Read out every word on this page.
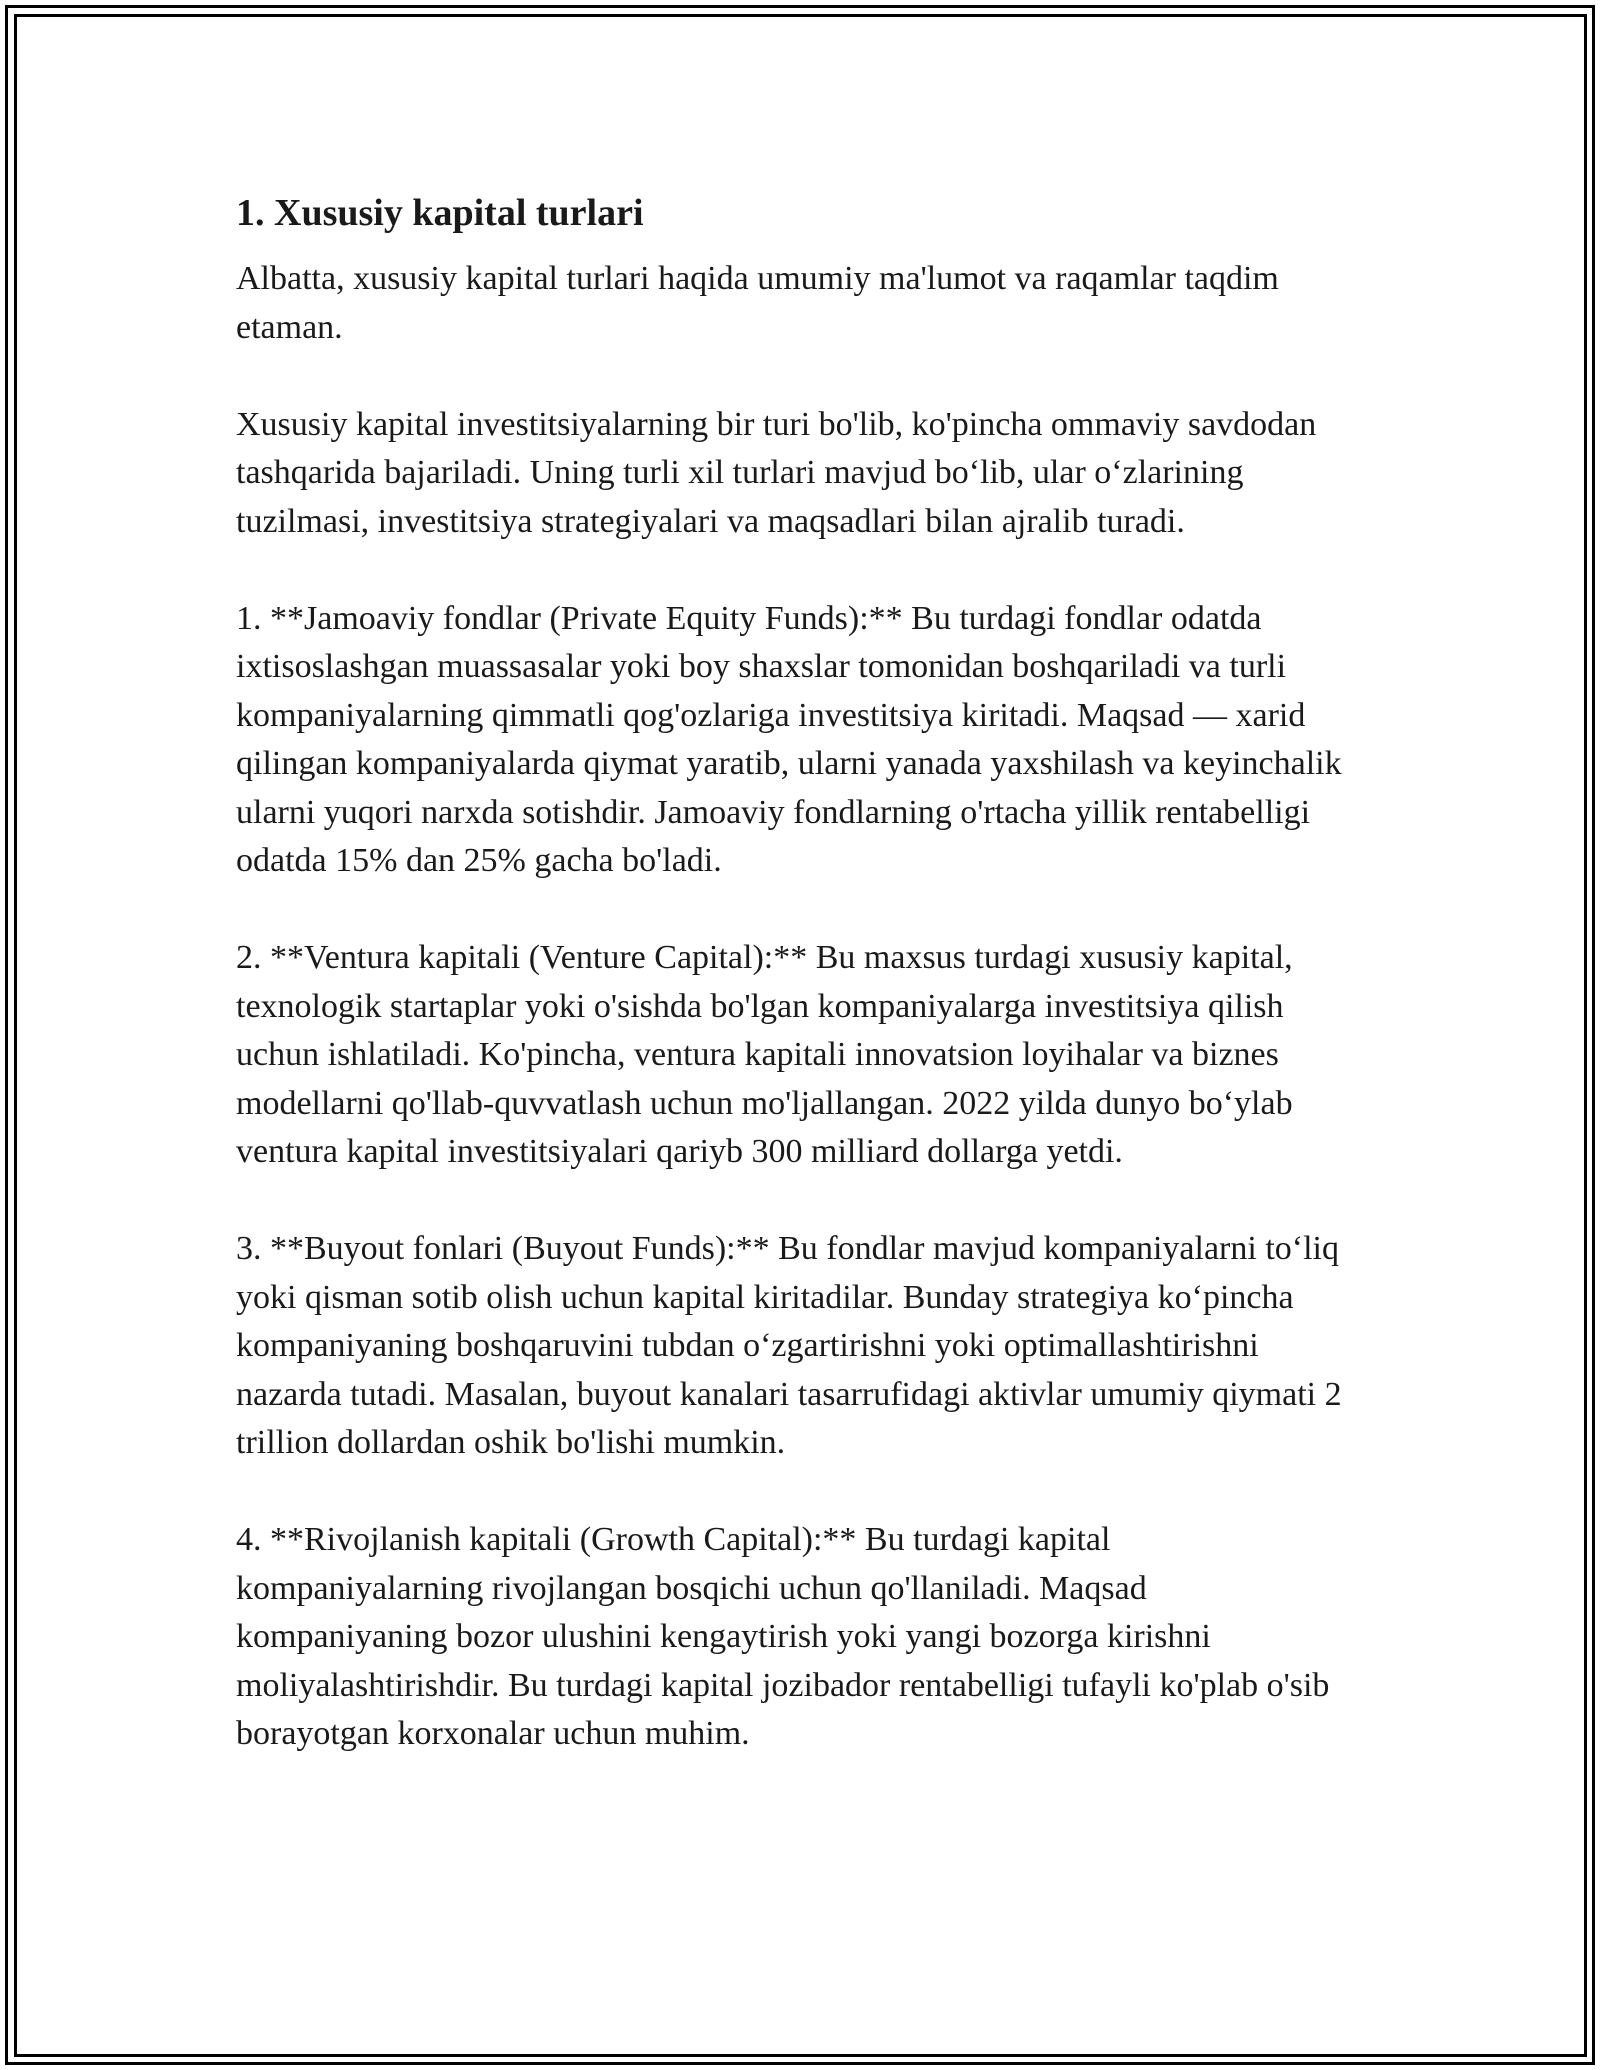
1. Xususiy kapital turlari

Albatta, xususiy kapital turlari haqida umumiy ma'lumot va raqamlar taqdim etaman.

Xususiy kapital investitsiyalarning bir turi bo'lib, ko'pincha ommaviy savdodan tashqarida bajariladi. Uning turli xil turlari mavjud bo‘lib, ular o‘zlarining tuzilmasi, investitsiya strategiyalari va maqsadlari bilan ajralib turadi.

1. **Jamoaviy fondlar (Private Equity Funds):** Bu turdagi fondlar odatda ixtisoslashgan muassasalar yoki boy shaxslar tomonidan boshqariladi va turli kompaniyalarning qimmatli qog'ozlariga investitsiya kiritadi. Maqsad — xarid qilingan kompaniyalarda qiymat yaratib, ularni yanada yaxshilash va keyinchalik ularni yuqori narxda sotishdir. Jamoaviy fondlarning o'rtacha yillik rentabelligi odatda 15% dan 25% gacha bo'ladi.

2. **Ventura kapitali (Venture Capital):** Bu maxsus turdagi xususiy kapital, texnologik startaplar yoki o'sishda bo'lgan kompaniyalarga investitsiya qilish uchun ishlatiladi. Ko'pincha, ventura kapitali innovatsion loyihalar va biznes modellarni qo'llab-quvvatlash uchun mo'ljallangan. 2022 yilda dunyo bo‘ylab ventura kapital investitsiyalari qariyb 300 milliard dollarga yetdi.

3. **Buyout fonlari (Buyout Funds):** Bu fondlar mavjud kompaniyalarni to‘liq yoki qisman sotib olish uchun kapital kiritadilar. Bunday strategiya ko‘pincha kompaniyaning boshqaruvini tubdan o‘zgartirishni yoki optimallashtirishni nazarda tutadi. Masalan, buyout kanalari tasarrufidagi aktivlar umumiy qiymati 2 trillion dollardan oshik bo'lishi mumkin.

4. **Rivojlanish kapitali (Growth Capital):** Bu turdagi kapital kompaniyalarning rivojlangan bosqichi uchun qo'llaniladi. Maqsad kompaniyaning bozor ulushini kengaytirish yoki yangi bozorga kirishni moliyalashtirishdir. Bu turdagi kapital jozibador rentabelligi tufayli ko'plab o'sib borayotgan korxonalar uchun muhim.
